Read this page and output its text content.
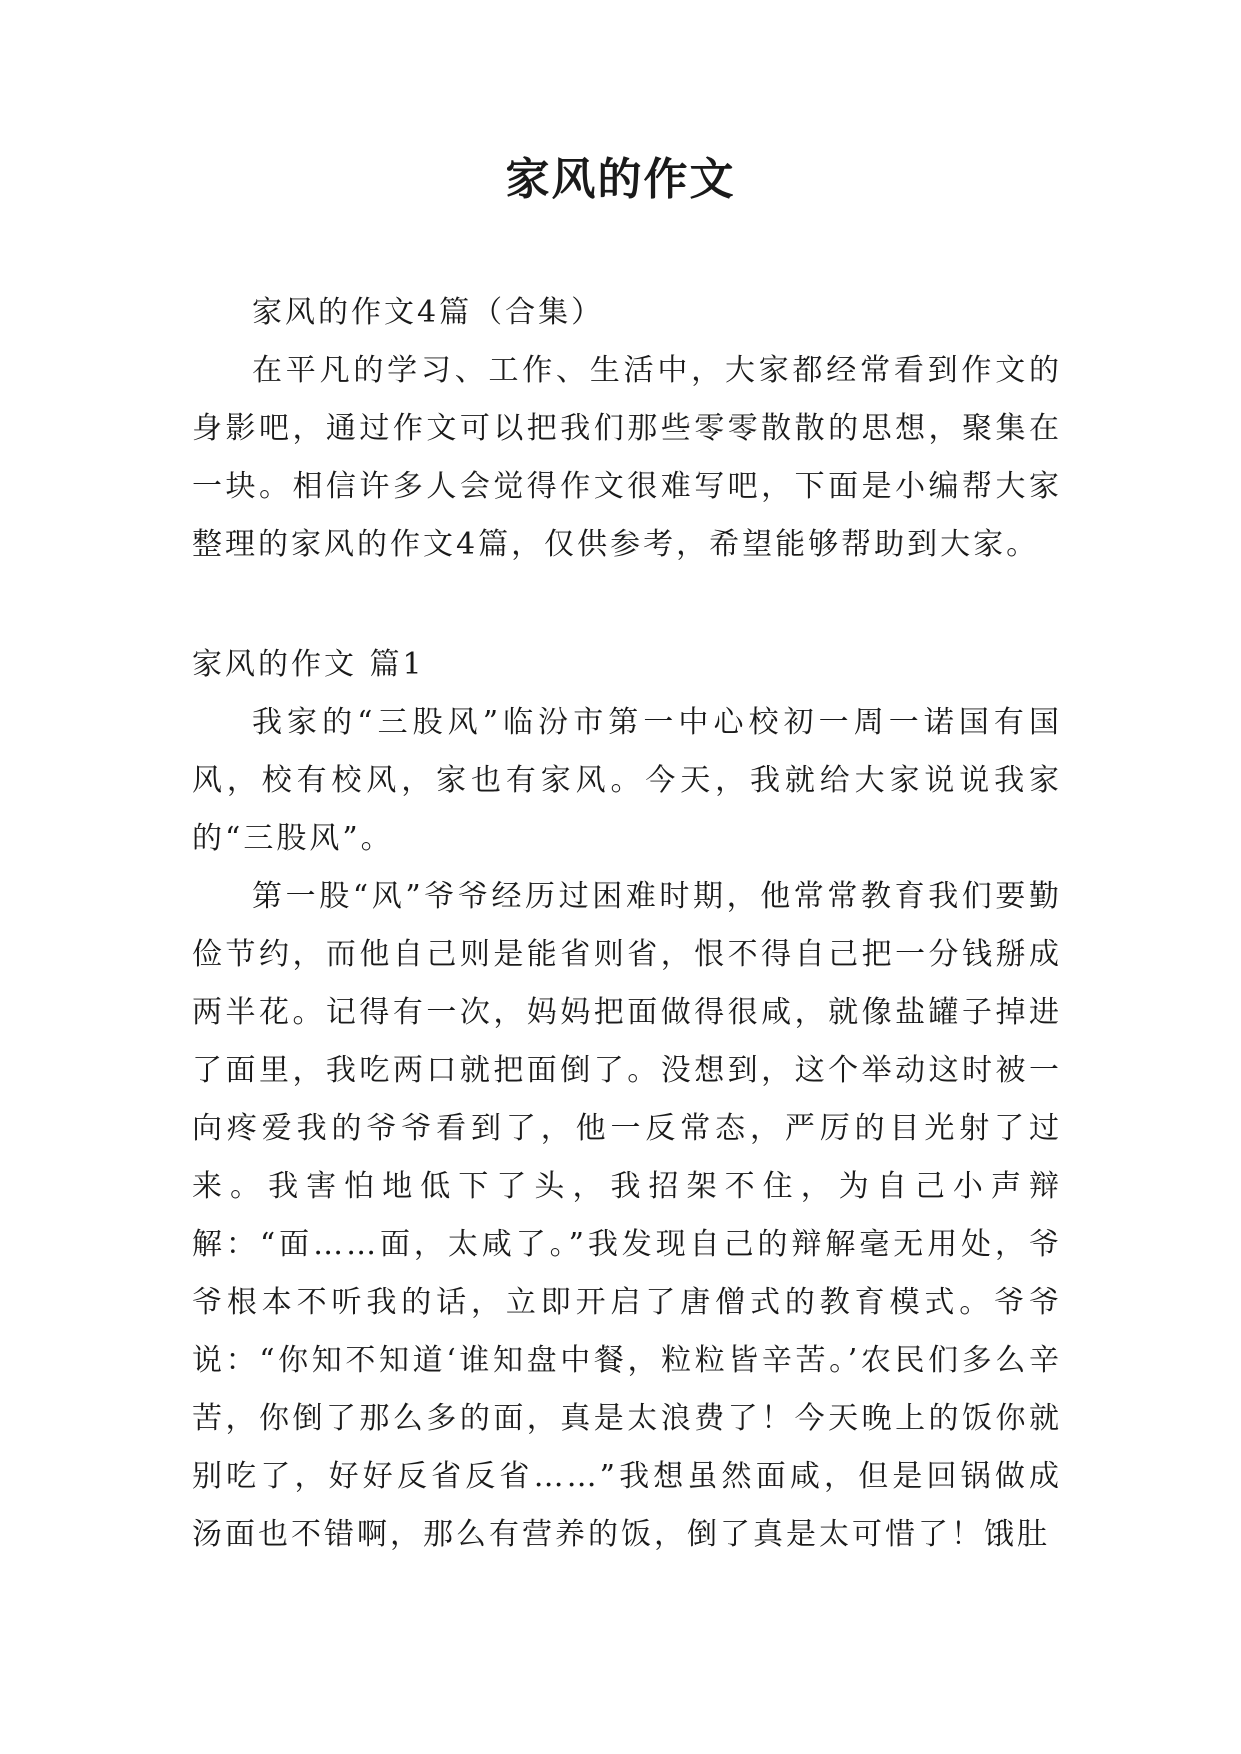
家风的作文

家风的作文4篇（合集）

在平凡的学习、工作、生活中，大家都经常看到作文的身影吧，通过作文可以把我们那些零零散散的思想，聚集在一块。相信许多人会觉得作文很难写吧，下面是小编帮大家整理的家风的作文4篇，仅供参考，希望能够帮助到大家。

家风的作文 篇1

我家的“三股风”临汾市第一中心校初一周一诺国有国风，校有校风，家也有家风。今天，我就给大家说说我家的“三股风”。

第一股“风”爷爷经历过困难时期，他常常教育我们要勤俭节约，而他自己则是能省则省，恨不得自己把一分钱掰成两半花。记得有一次，妈妈把面做得很咸，就像盐罐子掉进了面里，我吃两口就把面倒了。没想到，这个举动这时被一向疼爱我的爷爷看到了，他一反常态，严厉的目光射了过来。我害怕地低下了头，我招架不住，为自己小声辩解：“面……面，太咸了。”我发现自己的辩解毫无用处，爷爷根本不听我的话，立即开启了唐僧式的教育模式。爷爷说：“你知不知道‘谁知盘中餐，粒粒皆辛苦。’农民们多么辛苦，你倒了那么多的面，真是太浪费了！今天晚上的饭你就别吃了，好好反省反省……”我想虽然面咸，但是回锅做成汤面也不错啊，那么有营养的饭，倒了真是太可惜了！饿肚
